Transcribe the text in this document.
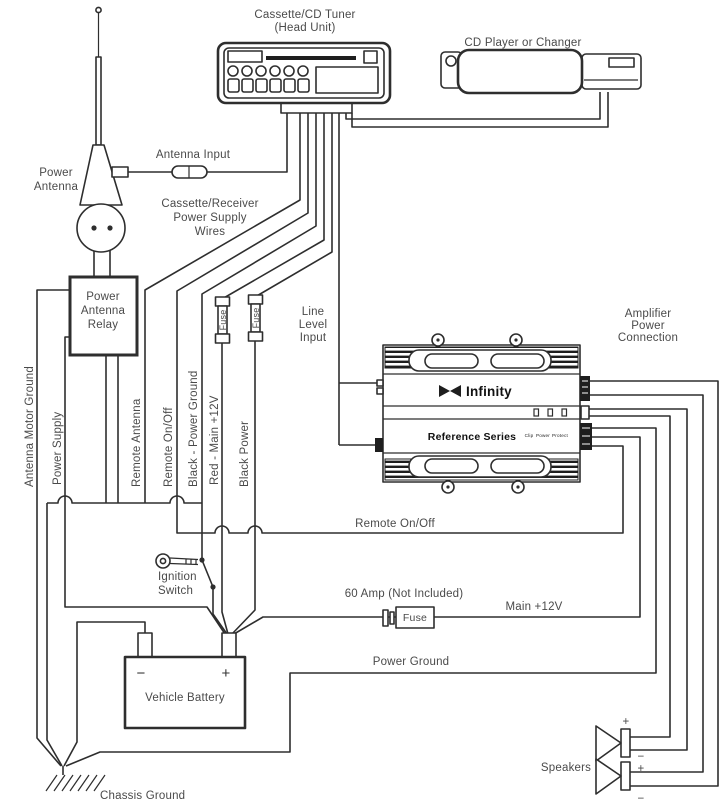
Chassis Ground
Power
Antenna
Antenna Input
Cassette/CD Tuner
(Head Unit)
CD Player or Changer
Cassette/Receiver
Power Supply
Wires
Power
Antenna
Relay
Antenna Motor Ground Power Supply	Remote Antenna Remote On/Off Black - Power Ground Red - Main +12V Black Power
Fuse	Fuse	Line
Level
Input
Amplifier
Power
Connection
Infinity
Reference Series Clip Power Protect
Remote On/Off
Ignition
Switch	60 Amp (Not Included)
Fuse
Main +12V
Power Ground
−	+
Vehicle Battery
Speakers
+
−
+
−
